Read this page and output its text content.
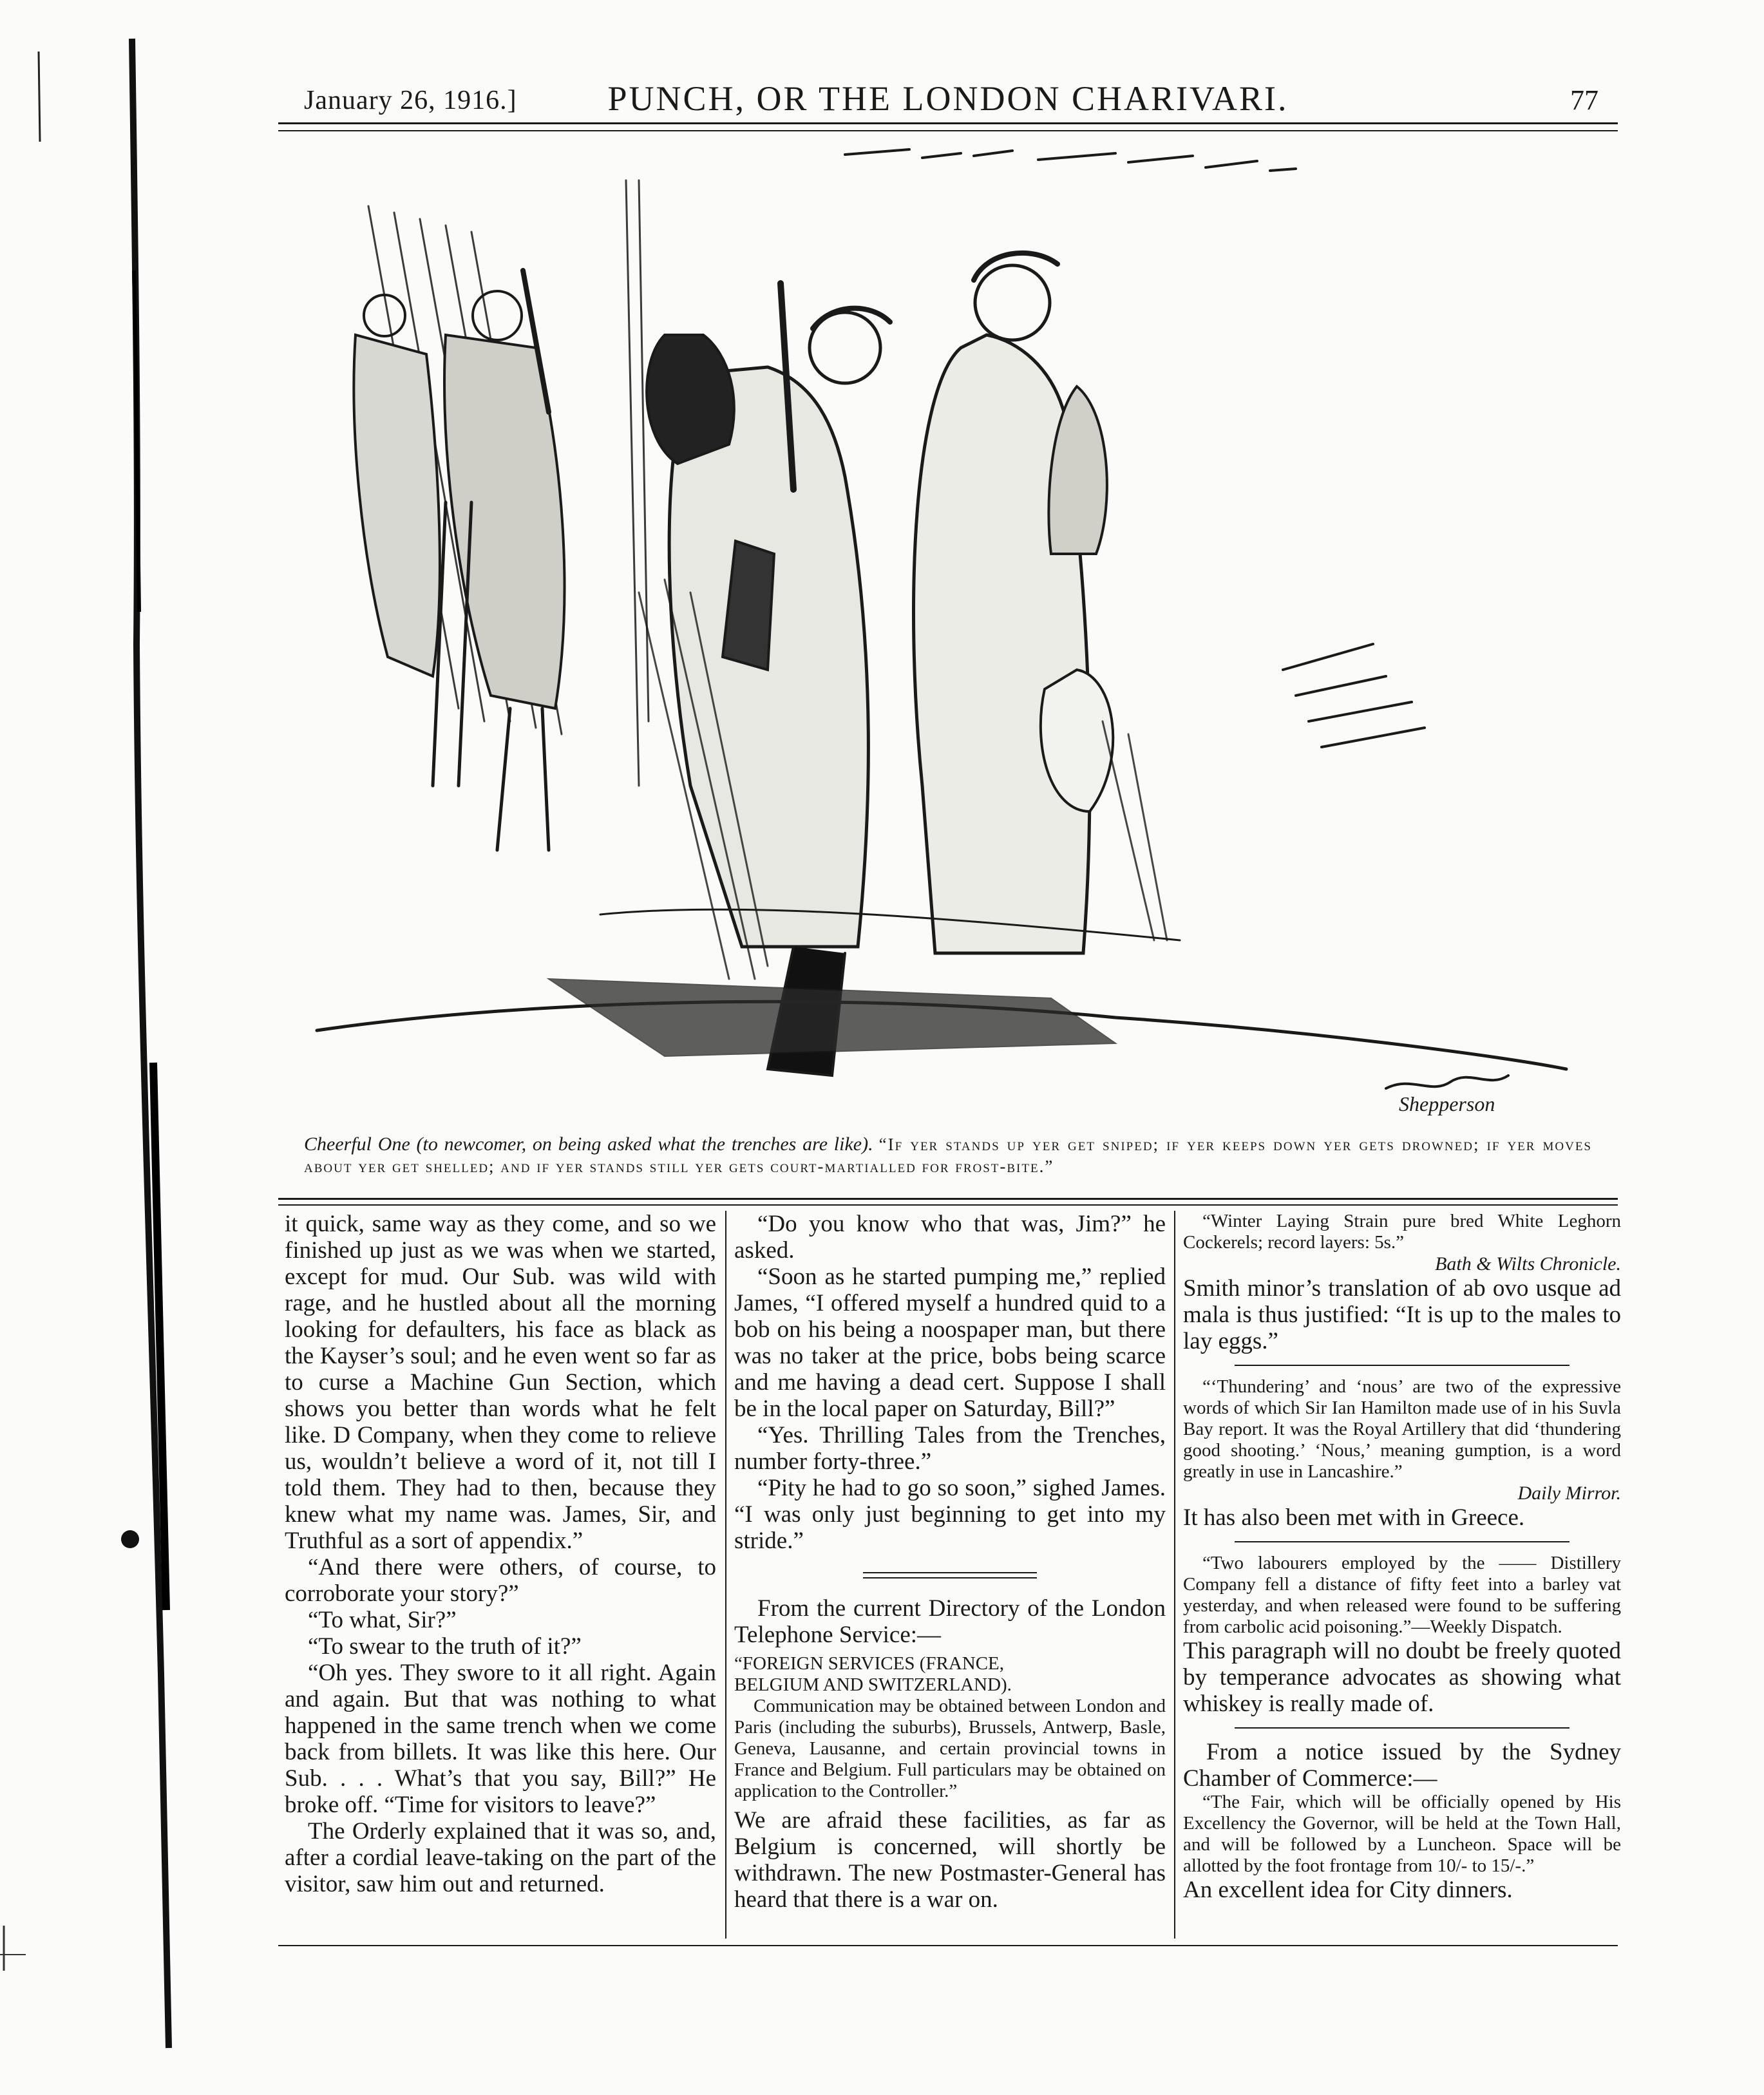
January 26, 1916.]	PUNCH, OR THE LONDON CHARIVARI.	77
Shepperson
Cheerful One (to newcomer, on being asked what the trenches are like). “If yer stands up yer get sniped; if yer keeps down yer gets drowned; if yer moves about yer get shelled; and if yer stands still yer gets court-martialled for frost-bite.”

it quick, same way as they come, and so we finished up just as we was when we started, except for mud. Our Sub. was wild with rage, and he hustled about all the morning looking for defaulters, his face as black as the Kayser’s soul; and he even went so far as to curse a Machine Gun Section, which shows you better than words what he felt like. D Company, when they come to relieve us, wouldn’t believe a word of it, not till I told them. They had to then, because they knew what my name was. James, Sir, and Truthful as a sort of appendix.”

“And there were others, of course, to corroborate your story?”

“To what, Sir?”

“To swear to the truth of it?”

“Oh yes. They swore to it all right. Again and again. But that was nothing to what happened in the same trench when we come back from billets. It was like this here. Our Sub. . . . What’s that you say, Bill?” He broke off. “Time for visitors to leave?”

The Orderly explained that it was so, and, after a cordial leave-taking on the part of the visitor, saw him out and returned.

“Do you know who that was, Jim?” he asked.

“Soon as he started pumping me,” replied James, “I offered myself a hundred quid to a bob on his being a noospaper man, but there was no taker at the price, bobs being scarce and me having a dead cert. Suppose I shall be in the local paper on Saturday, Bill?”

“Yes. Thrilling Tales from the Trenches, number forty-three.”

“Pity he had to go so soon,” sighed James. “I was only just beginning to get into my stride.”

From the current Directory of the London Telephone Service:—

“FOREIGN SERVICES (FRANCE,

BELGIUM AND SWITZERLAND).

Communication may be obtained between London and Paris (including the suburbs), Brussels, Antwerp, Basle, Geneva, Lausanne, and certain provincial towns in France and Belgium. Full particulars may be obtained on application to the Controller.”

We are afraid these facilities, as far as Belgium is concerned, will shortly be withdrawn. The new Postmaster-General has heard that there is a war on.

“Winter Laying Strain pure bred White Leghorn Cockerels; record layers: 5s.”

Bath & Wilts Chronicle.

Smith minor’s translation of ab ovo usque ad mala is thus justified: “It is up to the males to lay eggs.”

“‘Thundering’ and ‘nous’ are two of the expressive words of which Sir Ian Hamilton made use of in his Suvla Bay report. It was the Royal Artillery that did ‘thundering good shooting.’ ‘Nous,’ meaning gumption, is a word greatly in use in Lancashire.”

Daily Mirror.

It has also been met with in Greece.

“Two labourers employed by the —— Distillery Company fell a distance of fifty feet into a barley vat yesterday, and when released were found to be suffering from carbolic acid poisoning.”—Weekly Dispatch.

This paragraph will no doubt be freely quoted by temperance advocates as showing what whiskey is really made of.

From a notice issued by the Sydney Chamber of Commerce:—

“The Fair, which will be officially opened by His Excellency the Governor, will be held at the Town Hall, and will be followed by a Luncheon. Space will be allotted by the foot frontage from 10/- to 15/-.”

An excellent idea for City dinners.
